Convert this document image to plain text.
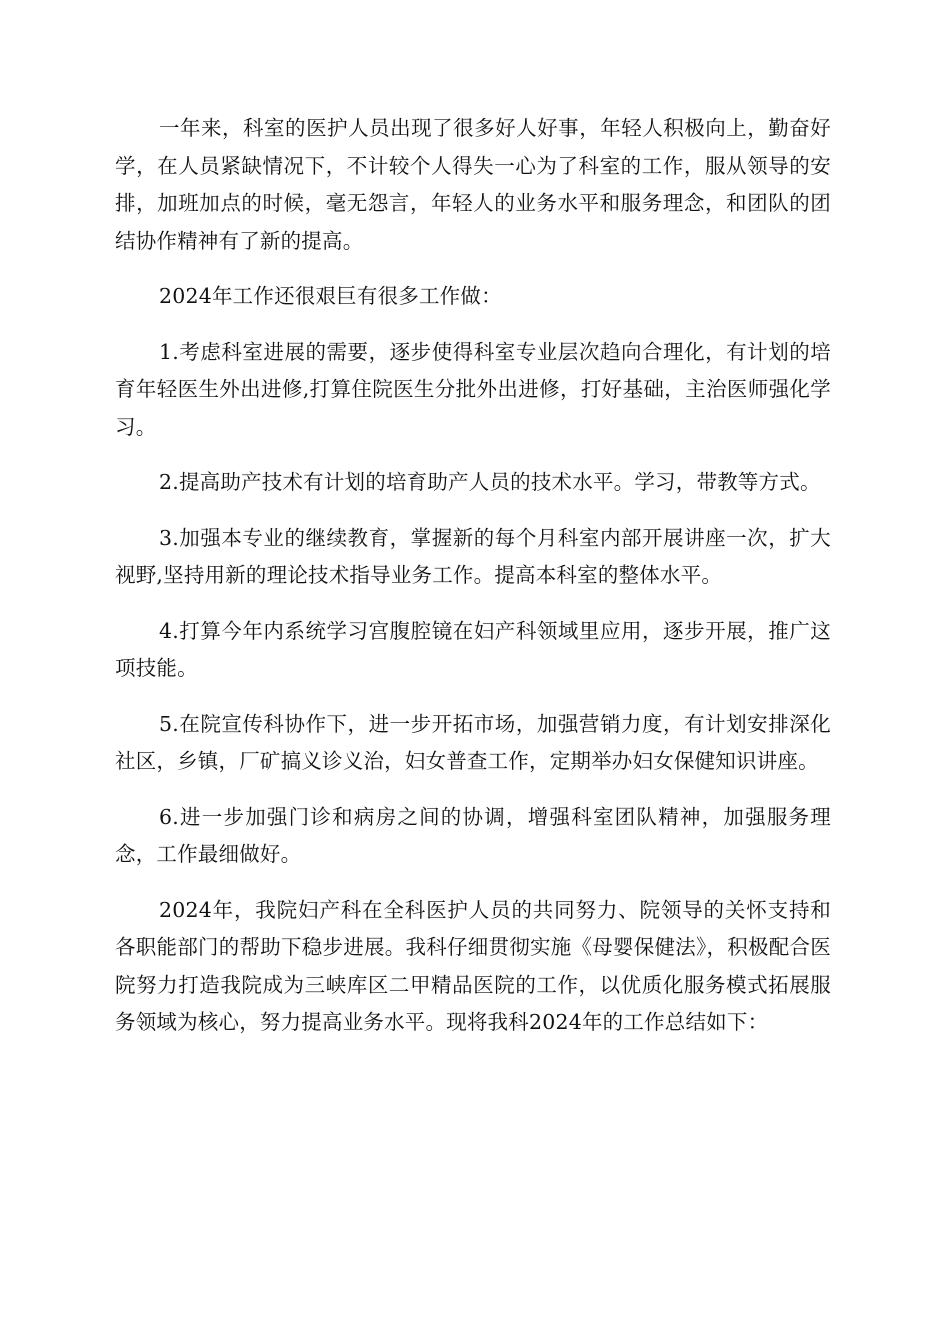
一年来，科室的医护人员出现了很多好人好事，年轻人积极向上，勤奋好学，在人员紧缺情况下，不计较个人得失一心为了科室的工作，服从领导的安排，加班加点的时候，毫无怨言，年轻人的业务水平和服务理念，和团队的团结协作精神有了新的提高。

2024年工作还很艰巨有很多工作做：

1.考虑科室进展的需要，逐步使得科室专业层次趋向合理化，有计划的培育年轻医生外出进修,打算住院医生分批外出进修，打好基础，主治医师强化学习。

2.提高助产技术有计划的培育助产人员的技术水平。学习，带教等方式。

3.加强本专业的继续教育，掌握新的每个月科室内部开展讲座一次，扩大视野,坚持用新的理论技术指导业务工作。提高本科室的整体水平。

4.打算今年内系统学习宫腹腔镜在妇产科领域里应用，逐步开展，推广这项技能。

5.在院宣传科协作下，进一步开拓市场，加强营销力度，有计划安排深化社区，乡镇，厂矿搞义诊义治，妇女普查工作，定期举办妇女保健知识讲座。

6.进一步加强门诊和病房之间的协调，增强科室团队精神，加强服务理念，工作最细做好。

2024年，我院妇产科在全科医护人员的共同努力、院领导的关怀支持和各职能部门的帮助下稳步进展。我科仔细贯彻实施《母婴保健法》，积极配合医院努力打造我院成为三峡库区二甲精品医院的工作，以优质化服务模式拓展服务领域为核心，努力提高业务水平。现将我科2024年的工作总结如下：
